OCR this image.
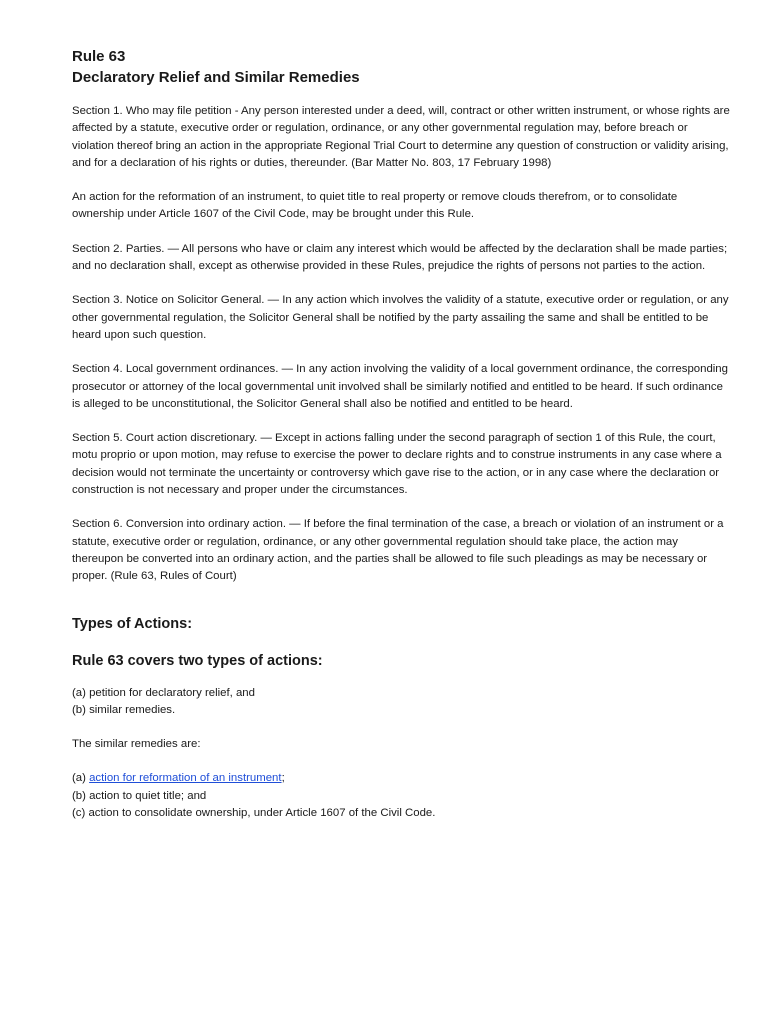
Rule 63
Declaratory Relief and Similar Remedies

Section 1. Who may file petition - Any person interested under a deed, will, contract or other written instrument, or whose rights are affected by a statute, executive order or regulation, ordinance, or any other governmental regulation may, before breach or violation thereof bring an action in the appropriate Regional Trial Court to determine any question of construction or validity arising, and for a declaration of his rights or duties, thereunder. (Bar Matter No. 803, 17 February 1998)

An action for the reformation of an instrument, to quiet title to real property or remove clouds therefrom, or to consolidate ownership under Article 1607 of the Civil Code, may be brought under this Rule.

Section 2. Parties. — All persons who have or claim any interest which would be affected by the declaration shall be made parties; and no declaration shall, except as otherwise provided in these Rules, prejudice the rights of persons not parties to the action.

Section 3. Notice on Solicitor General. — In any action which involves the validity of a statute, executive order or regulation, or any other governmental regulation, the Solicitor General shall be notified by the party assailing the same and shall be entitled to be heard upon such question.

Section 4. Local government ordinances. — In any action involving the validity of a local government ordinance, the corresponding prosecutor or attorney of the local governmental unit involved shall be similarly notified and entitled to be heard. If such ordinance is alleged to be unconstitutional, the Solicitor General shall also be notified and entitled to be heard.

Section 5. Court action discretionary. — Except in actions falling under the second paragraph of section 1 of this Rule, the court, motu proprio or upon motion, may refuse to exercise the power to declare rights and to construe instruments in any case where a decision would not terminate the uncertainty or controversy which gave rise to the action, or in any case where the declaration or construction is not necessary and proper under the circumstances.

Section 6. Conversion into ordinary action. — If before the final termination of the case, a breach or violation of an instrument or a statute, executive order or regulation, ordinance, or any other governmental regulation should take place, the action may thereupon be converted into an ordinary action, and the parties shall be allowed to file such pleadings as may be necessary or proper. (Rule 63, Rules of Court)

Types of Actions:
Rule 63 covers two types of actions:
(a) petition for declaratory relief, and
(b) similar remedies.
The similar remedies are:
(a) action for reformation of an instrument;
(b) action to quiet title; and
(c) action to consolidate ownership, under Article 1607 of the Civil Code.
